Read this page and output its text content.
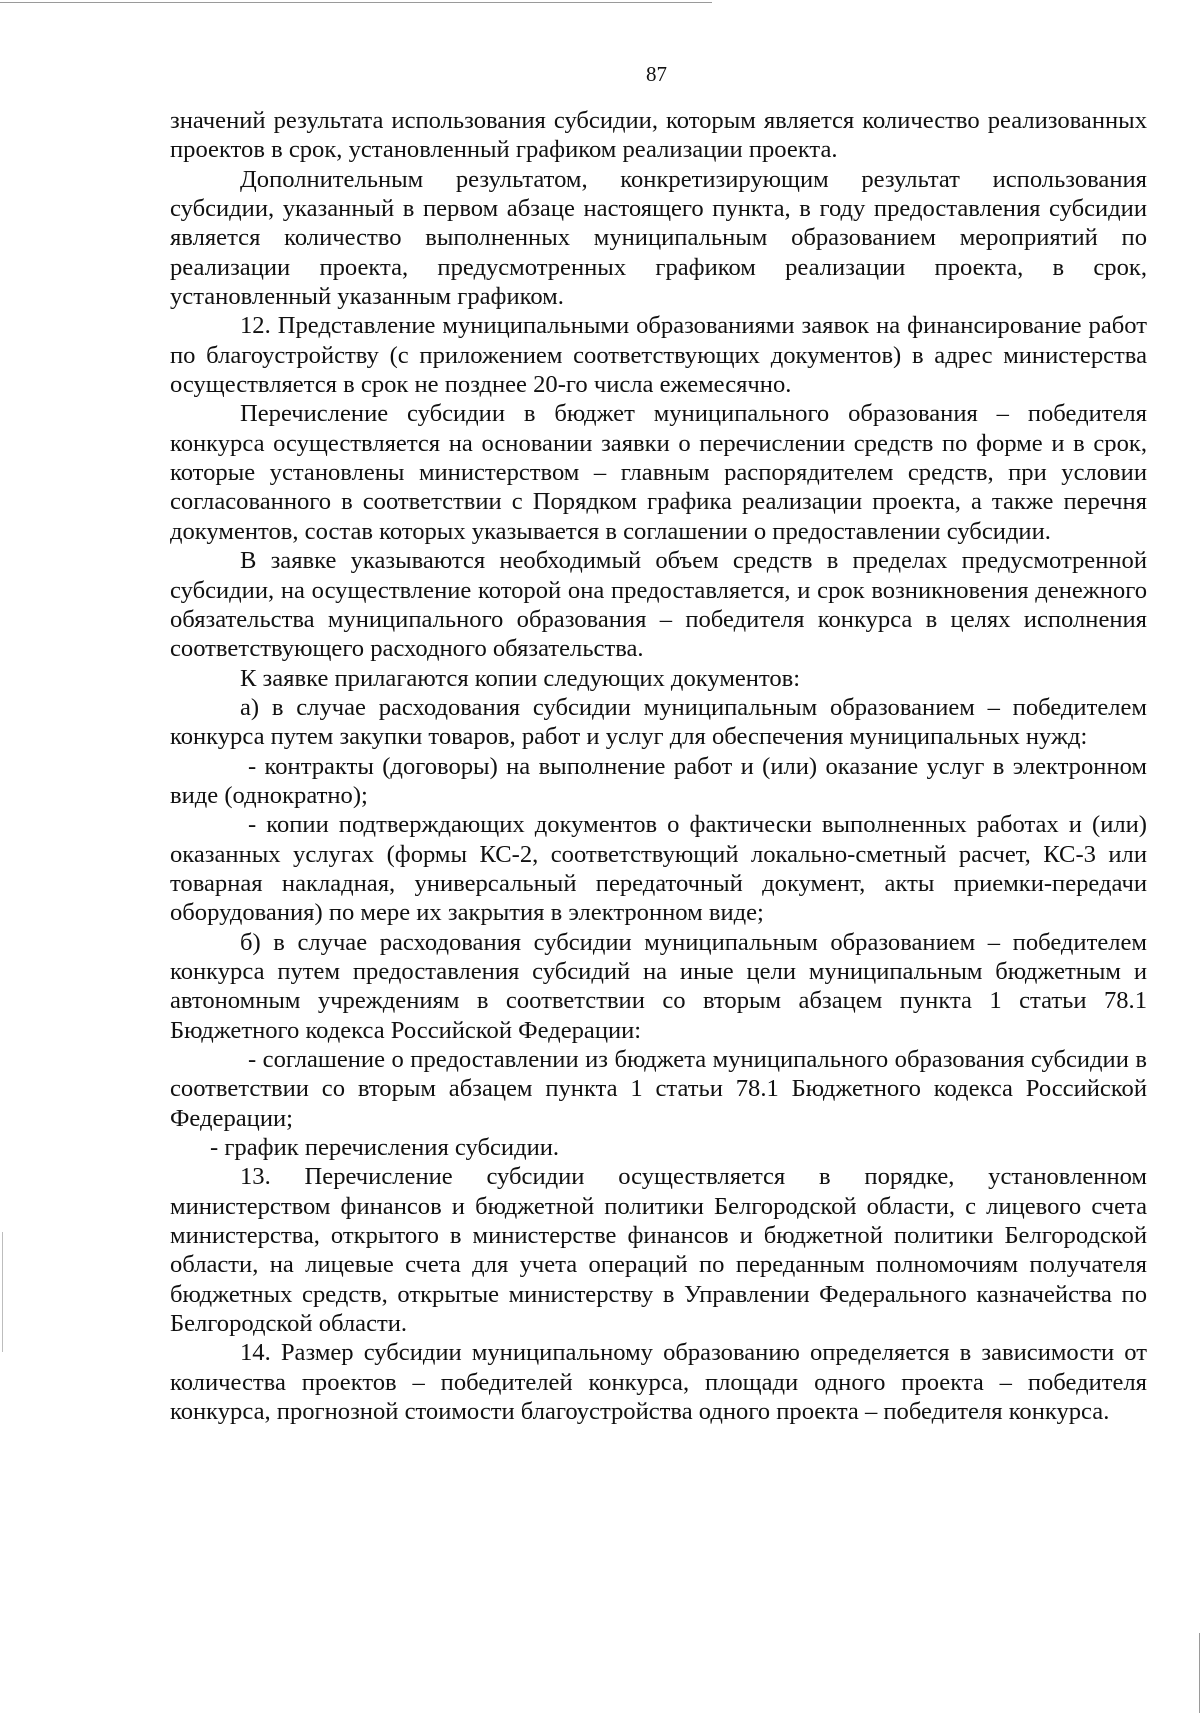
87

значений результата использования субсидии, которым является количество реализованных проектов в срок, установленный графиком реализации проекта.

Дополнительным результатом, конкретизирующим результат использования субсидии, указанный в первом абзаце настоящего пункта, в году предоставления субсидии является количество выполненных муниципальным образованием мероприятий по реализации проекта, предусмотренных графиком реализации проекта, в срок, установленный указанным графиком.

12. Представление муниципальными образованиями заявок на финансирование работ по благоустройству (с приложением соответствующих документов) в адрес министерства осуществляется в срок не позднее 20-го числа ежемесячно.

Перечисление субсидии в бюджет муниципального образования – победителя конкурса осуществляется на основании заявки о перечислении средств по форме и в срок, которые установлены министерством – главным распорядителем средств, при условии согласованного в соответствии с Порядком графика реализации проекта, а также перечня документов, состав которых указывается в соглашении о предоставлении субсидии.

В заявке указываются необходимый объем средств в пределах предусмотренной субсидии, на осуществление которой она предоставляется, и срок возникновения денежного обязательства муниципального образования – победителя конкурса в целях исполнения соответствующего расходного обязательства.

К заявке прилагаются копии следующих документов:

а) в случае расходования субсидии муниципальным образованием – победителем конкурса путем закупки товаров, работ и услуг для обеспечения муниципальных нужд:

- контракты (договоры) на выполнение работ и (или) оказание услуг в электронном виде (однократно);

- копии подтверждающих документов о фактически выполненных работах и (или) оказанных услугах (формы КС-2, соответствующий локально-сметный расчет, КС-3 или товарная накладная, универсальный передаточный документ, акты приемки-передачи оборудования) по мере их закрытия в электронном виде;

б) в случае расходования субсидии муниципальным образованием – победителем конкурса путем предоставления субсидий на иные цели муниципальным бюджетным и автономным учреждениям в соответствии со вторым абзацем пункта 1 статьи 78.1 Бюджетного кодекса Российской Федерации:

- соглашение о предоставлении из бюджета муниципального образования субсидии в соответствии со вторым абзацем пункта 1 статьи 78.1 Бюджетного кодекса Российской Федерации;

- график перечисления субсидии.

13. Перечисление субсидии осуществляется в порядке, установленном министерством финансов и бюджетной политики Белгородской области, с лицевого счета министерства, открытого в министерстве финансов и бюджетной политики Белгородской области, на лицевые счета для учета операций по переданным полномочиям получателя бюджетных средств, открытые министерству в Управлении Федерального казначейства по Белгородской области.

14. Размер субсидии муниципальному образованию определяется в зависимости от количества проектов – победителей конкурса, площади одного проекта – победителя конкурса, прогнозной стоимости благоустройства одного проекта – победителя конкурса.
